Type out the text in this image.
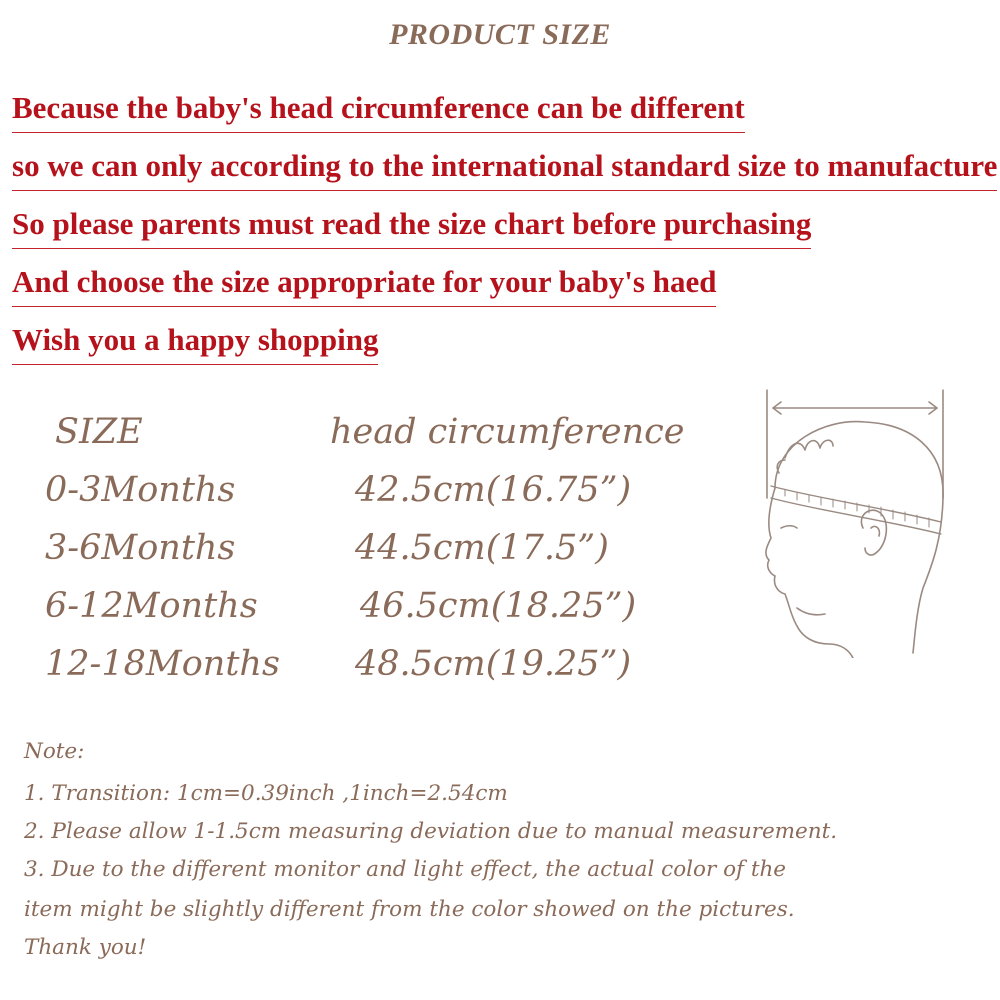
PRODUCT SIZE
Because the baby's head circumference can be different
so we can only according to the international standard size to manufacture
So please parents must read the size chart before purchasing
And choose the size appropriate for your baby's haed
Wish you a happy shopping
SIZE	head circumference
0-3Months	42.5cm(16.75”)
3-6Months	44.5cm(17.5”)
6-12Months	46.5cm(18.25”)
12-18Months 48.5cm(19.25”)
Note:
1. Transition: 1cm=0.39inch ,1inch=2.54cm
2. Please allow 1-1.5cm measuring deviation due to manual measurement.
3. Due to the different monitor and light effect, the actual color of the
item might be slightly different from the color showed on the pictures.
Thank you!
